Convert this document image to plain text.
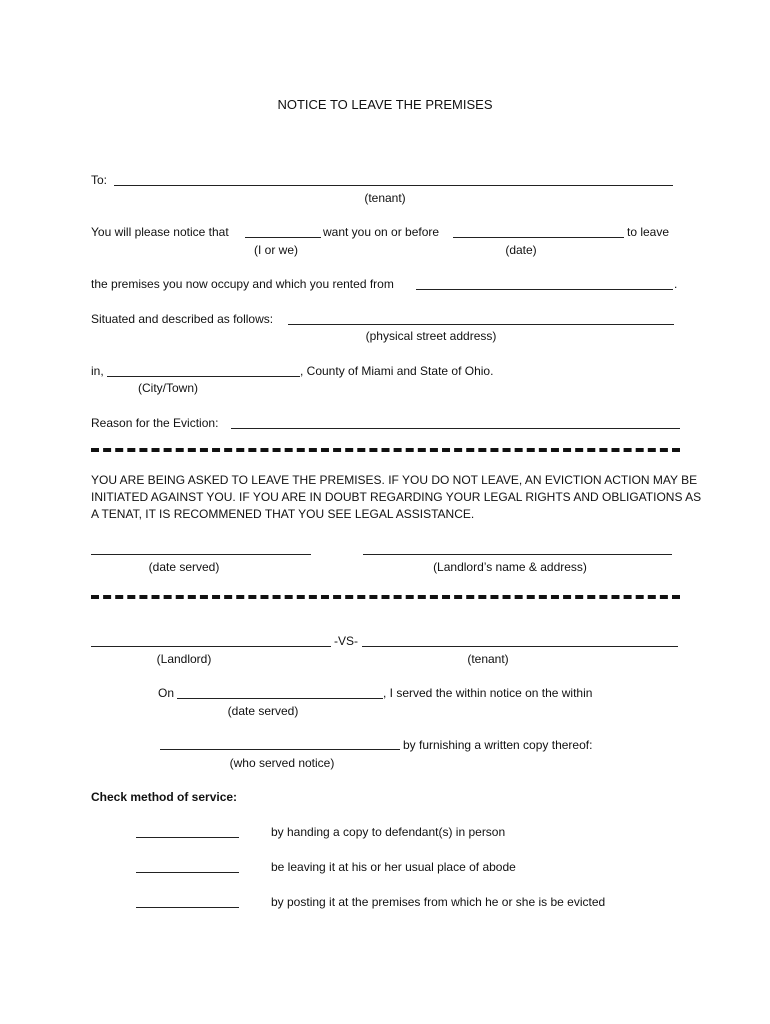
NOTICE TO LEAVE THE PREMISES
To:
(tenant)
You will please notice that	want you on or before	to leave
(I or we)	(date)
the premises you now occupy and which you rented from	.
Situated and described as follows:
(physical street address)
in,	, County of Miami and State of Ohio.
(City/Town)
Reason for the Eviction:
YOU ARE BEING ASKED TO LEAVE THE PREMISES. IF YOU DO NOT LEAVE, AN EVICTION ACTION MAY BE
INITIATED AGAINST YOU. IF YOU ARE IN DOUBT REGARDING YOUR LEGAL RIGHTS AND OBLIGATIONS AS
A TENAT, IT IS RECOMMENED THAT YOU SEE LEGAL ASSISTANCE.
(date served)	(Landlord’s name & address)
-VS-
(Landlord)	(tenant)
On	, I served the within notice on the within
(date served)
by furnishing a written copy thereof:
(who served notice)
Check method of service:
by handing a copy to defendant(s) in person
be leaving it at his or her usual place of abode
by posting it at the premises from which he or she is be evicted
